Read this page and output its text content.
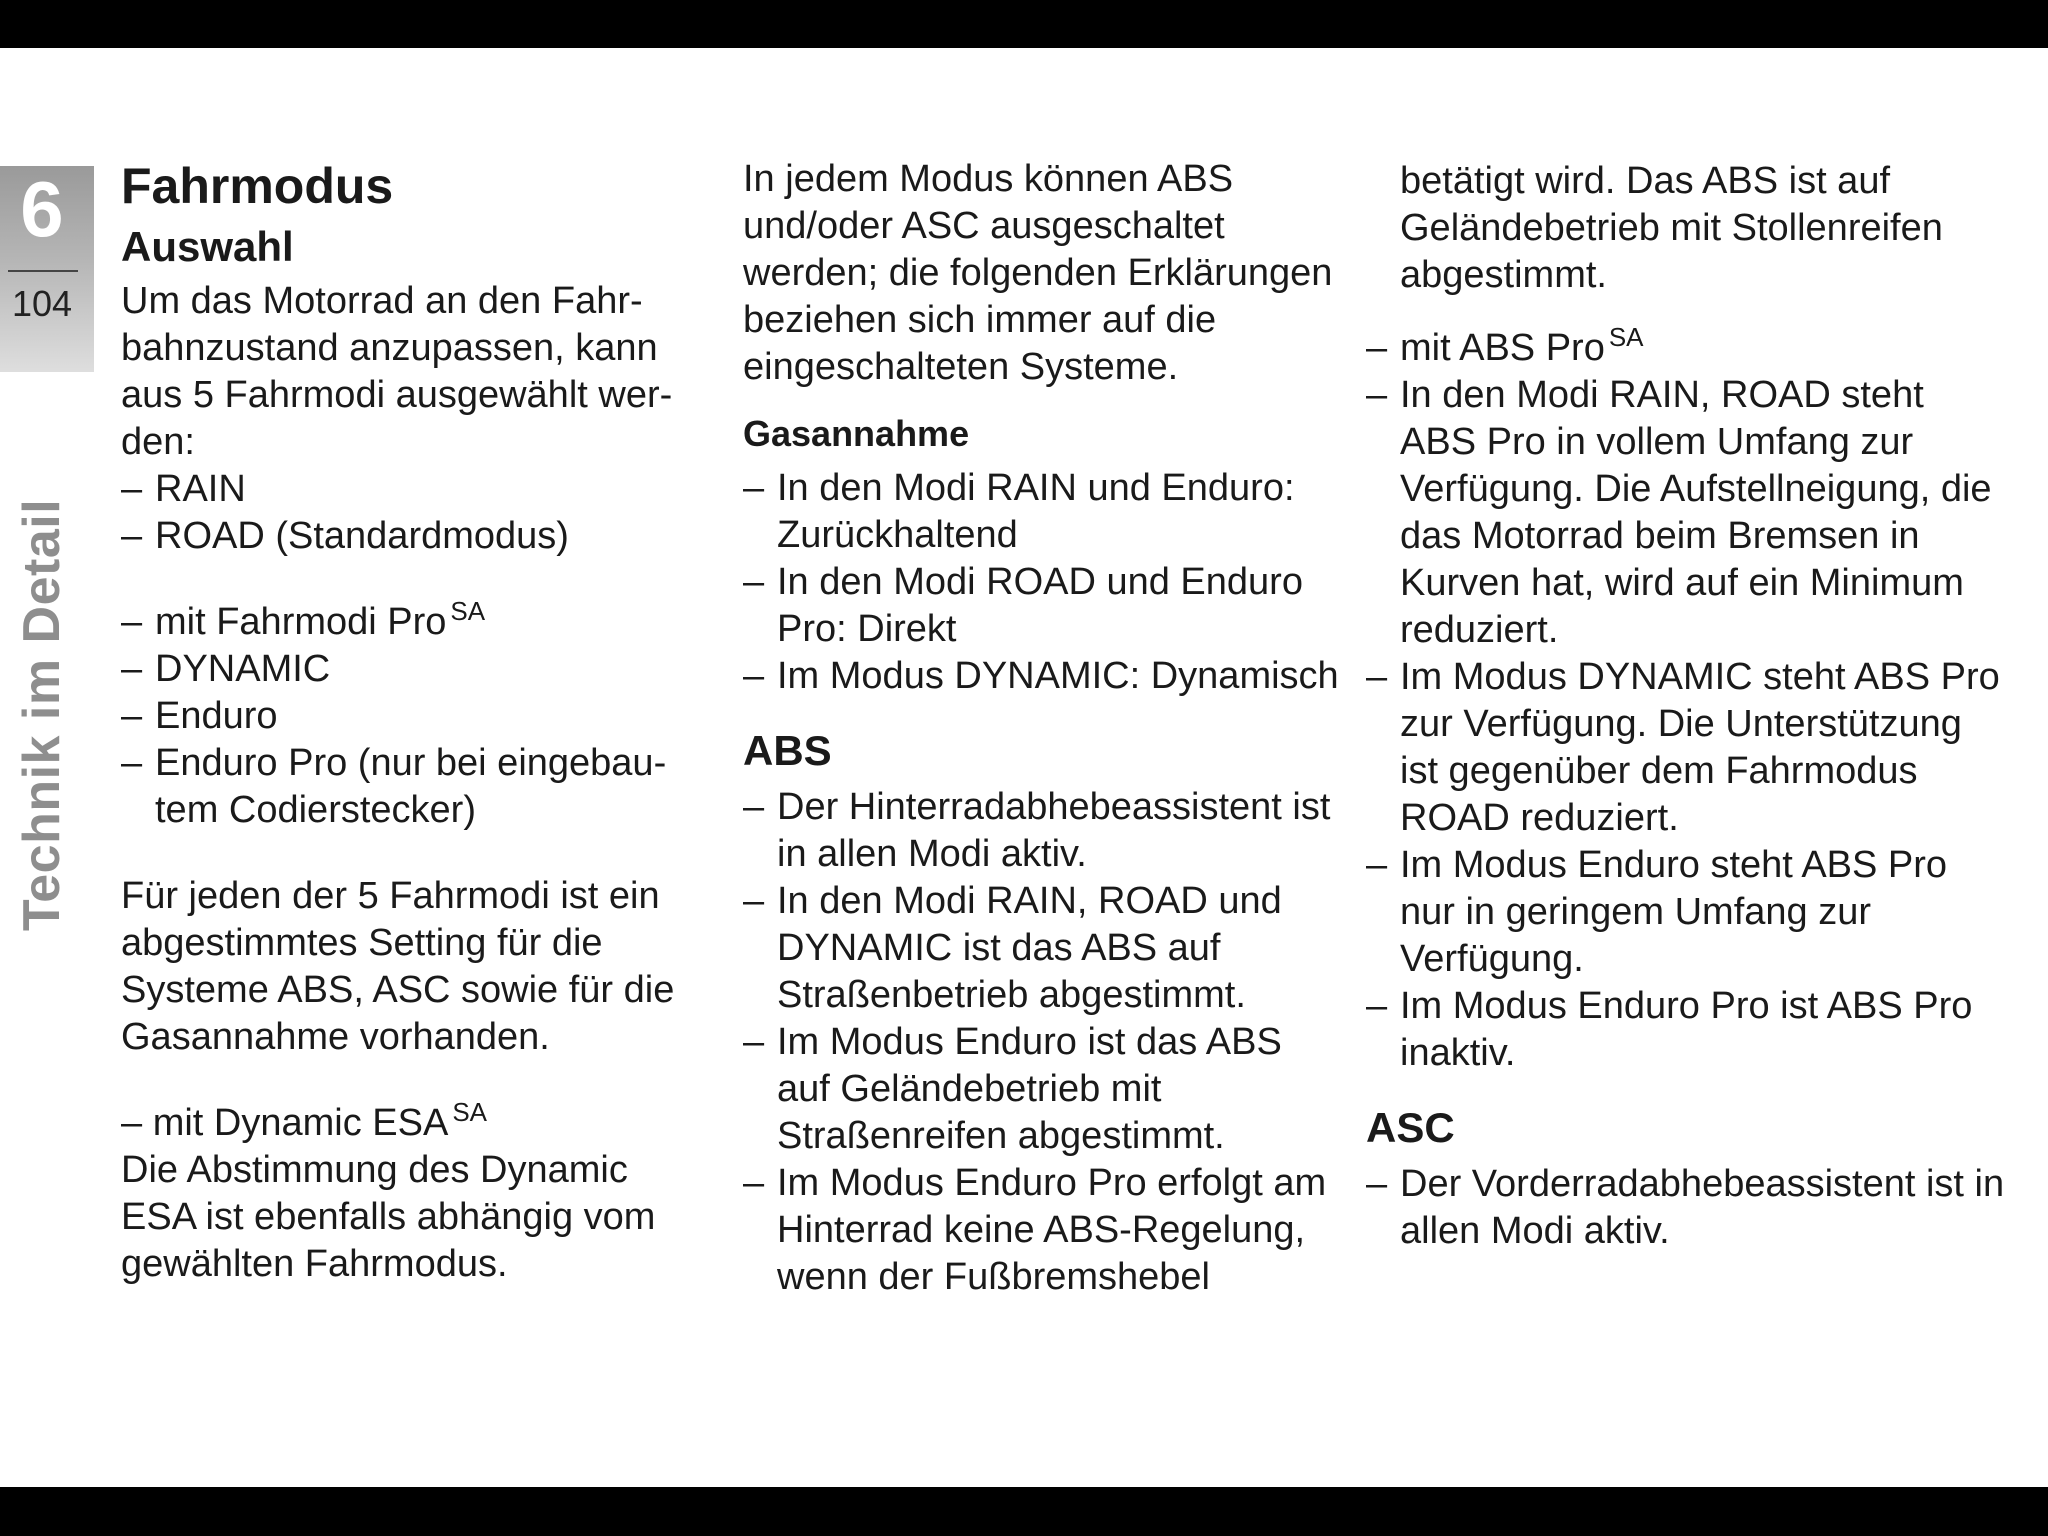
6
104
Technik im Detail
Fahrmodus
Auswahl

Um das Motorrad an den Fahrbahnzustand anzupassen, kann aus 5 Fahrmodi ausgewählt werden:

– RAIN
– ROAD (Standardmodus)
– mit Fahrmodi Pro $^{SA}$
– DYNAMIC
– Enduro
– Enduro Pro (nur bei eingebautem Codierstecker)

Für jeden der 5 Fahrmodi ist ein abgestimmtes Setting für die Systeme ABS, ASC sowie für die Gasannahme vorhanden.

– mit Dynamic ESA $^{SA}$

Die Abstimmung des Dynamic ESA ist ebenfalls abhängig vom gewählten Fahrmodus.

In jedem Modus können ABS und/oder ASC ausgeschaltet werden; die folgenden Erklärungen beziehen sich immer auf die eingeschalteten Systeme.

Gasannahme
– In den Modi RAIN und Enduro: Zurückhaltend
– In den Modi ROAD und Enduro Pro: Direkt
– Im Modus DYNAMIC: Dynamisch
ABS
– Der Hinterradabhebeassistent ist in allen Modi aktiv.
– In den Modi RAIN, ROAD und DYNAMIC ist das ABS auf Straßenbetrieb abgestimmt.
– Im Modus Enduro ist das ABS auf Geländebetrieb mit Straßenreifen abgestimmt.
– Im Modus Enduro Pro erfolgt am Hinterrad keine ABS-Regelung, wenn der Fußbremshebel
betätigt wird. Das ABS ist auf Geländebetrieb mit Stollenreifen abgestimmt.
– mit ABS Pro $^{SA}$
– In den Modi RAIN, ROAD steht ABS Pro in vollem Umfang zur Verfügung. Die Aufstellneigung, die das Motorrad beim Bremsen in Kurven hat, wird auf ein Minimum reduziert.
– Im Modus DYNAMIC steht ABS Pro zur Verfügung. Die Unterstützung ist gegenüber dem Fahrmodus ROAD reduziert.
– Im Modus Enduro steht ABS Pro nur in geringem Umfang zur Verfügung.
– Im Modus Enduro Pro ist ABS Pro inaktiv.
ASC
– Der Vorderradabhebeassistent ist in allen Modi aktiv.
